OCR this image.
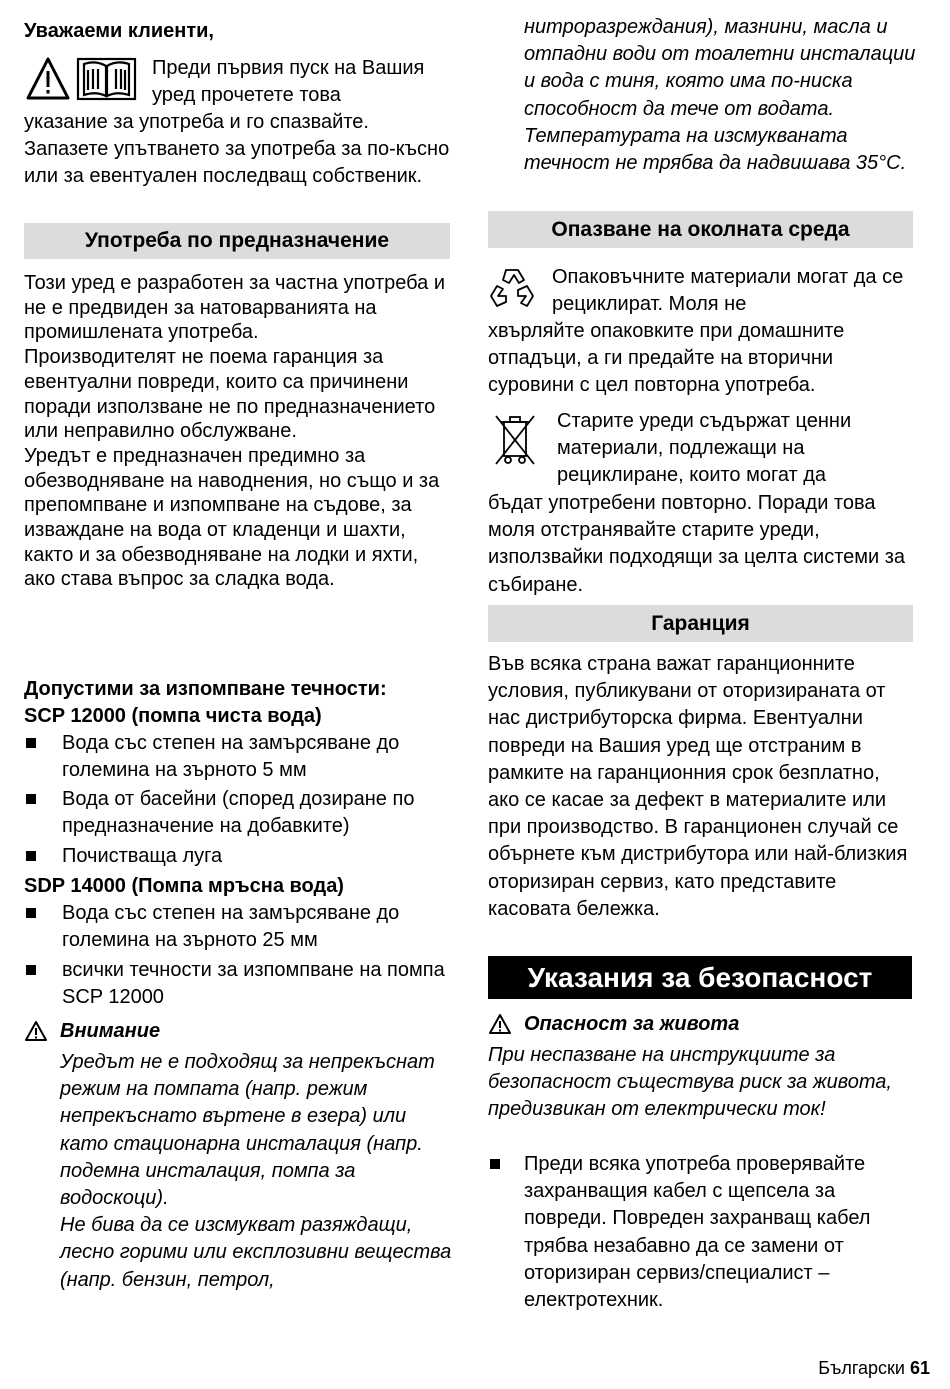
Уважаеми клиенти,

Преди първия пуск на Вашия уред прочетете това

указание за употреба и го спазвайте. Запазете упътването за употреба за по-късно или за евентуален последващ собственик.

Употреба по предназначение

Този уред е разработен за частна употреба и не е предвиден за натоварванията на промишлената употреба.

Производителят не поема гаранция за евентуални повреди, които са причинени поради използване не по предназначението или неправилно обслужване.

Уредът е предназначен предимно за обезводняване на наводнения, но също и за препомпване и изпомпване на съдове, за изваждане на вода от кладенци и шахти, както и за обезводняване на лодки и яхти, ако става въпрос за сладка вода.

Допустими за изпомпване течности:
SCP 12000 (помпа чиста вода)
Вода със степен на замърсяване до големина на зърното 5 мм
Вода от басейни (според дозиране по предназначение на добавките)
Почистваща луга
SDP 14000 (Помпа мръсна вода)
Вода със степен на замърсяване до големина на зърното 25 мм
всички течности за изпомпване на помпа SCP 12000
Внимание

Уредът не е подходящ за непрекъснат режим на помпата (напр. режим непрекъснато въртене в езера) или като стационарна инсталация (напр. подемна инсталация, помпа за водоскоци).
Не бива да се изсмукват разяждащи, лесно горими или експлозивни вещества (напр. бензин, петрол,

нитроразреждания), мазнини, масла и отпадни води от тоалетни инсталации и вода с тиня, която има по-ниска способност да тече от водата. Температурата на изсмукваната течност не трябва да надвишава 35°C.

Опазване на околната среда

Опаковъчните материали могат да се рециклират. Моля не

хвърляйте опаковките при домашните отпадъци, а ги предайте на вторични суровини с цел повторна употреба.

Старите уреди съдържат ценни материали, подлежащи на рециклиране, които могат да

бъдат употребени повторно. Поради това моля отстранявайте старите уреди, използвайки подходящи за целта системи за събиране.

Гаранция

Във всяка страна важат гаранционните условия, публикувани от оторизираната от нас дистрибуторска фирма. Евентуални повреди на Вашия уред ще отстраним в рамките на гаранционния срок безплатно, ако се касае за дефект в материалите или при производство. В гаранционен случай се обърнете към дистрибутора или най-близкия оторизиран сервиз, като представите касовата бележка.

Указания за безопасност
Опасност за живота

При неспазване на инструкциите за безопасност съществува риск за живота, предизвикан от електрически ток!

Преди всяка употреба проверявайте захранващия кабел с щепсела за повреди. Повреден захранващ кабел трябва незабавно да се замени от оторизиран сервиз/специалист – електротехник.
Български 61
